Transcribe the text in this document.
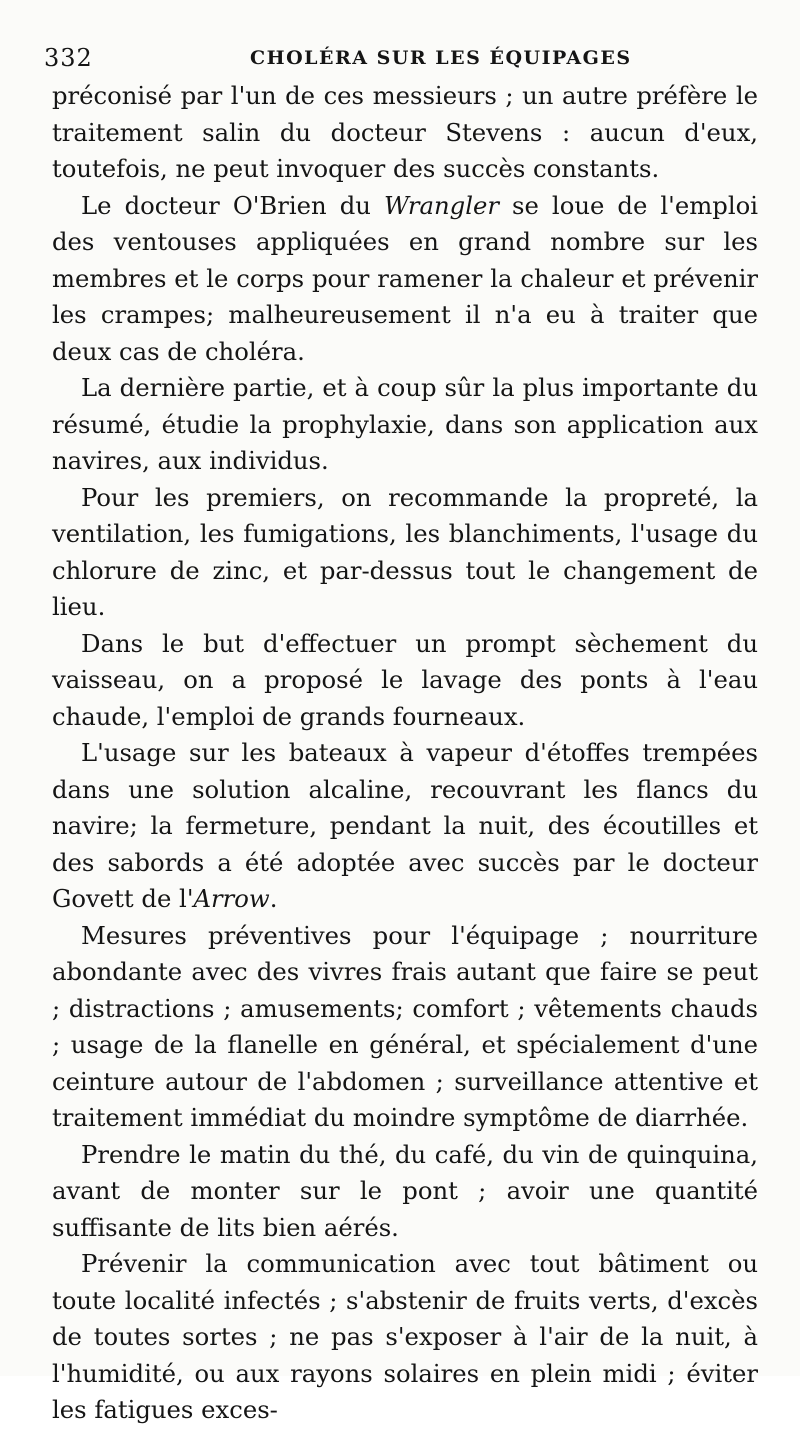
332	CHOLÉRA SUR LES ÉQUIPAGES

préconisé par l'un de ces messieurs ; un autre préfère le traitement salin du docteur Stevens : aucun d'eux, toutefois, ne peut invoquer des succès constants.

Le docteur O'Brien du Wrangler se loue de l'emploi des ventouses appliquées en grand nombre sur les membres et le corps pour ramener la chaleur et prévenir les crampes; malheureusement il n'a eu à traiter que deux cas de choléra.

La dernière partie, et à coup sûr la plus importante du résumé, étudie la prophylaxie, dans son application aux navires, aux individus.

Pour les premiers, on recommande la propreté, la ventilation, les fumigations, les blanchiments, l'usage du chlorure de zinc, et par-dessus tout le changement de lieu.

Dans le but d'effectuer un prompt sèchement du vaisseau, on a proposé le lavage des ponts à l'eau chaude, l'emploi de grands fourneaux.

L'usage sur les bateaux à vapeur d'étoffes trempées dans une solution alcaline, recouvrant les flancs du navire; la fermeture, pendant la nuit, des écoutilles et des sabords a été adoptée avec succès par le docteur Govett de l'Arrow.

Mesures préventives pour l'équipage ; nourriture abondante avec des vivres frais autant que faire se peut ; distractions ; amusements; comfort ; vêtements chauds ; usage de la flanelle en général, et spécialement d'une ceinture autour de l'abdomen ; surveillance attentive et traitement immédiat du moindre symptôme de diarrhée.

Prendre le matin du thé, du café, du vin de quinquina, avant de monter sur le pont ; avoir une quantité suffisante de lits bien aérés.

Prévenir la communication avec tout bâtiment ou toute localité infectés ; s'abstenir de fruits verts, d'excès de toutes sortes ; ne pas s'exposer à l'air de la nuit, à l'humidité, ou aux rayons solaires en plein midi ; éviter les fatigues exces-
